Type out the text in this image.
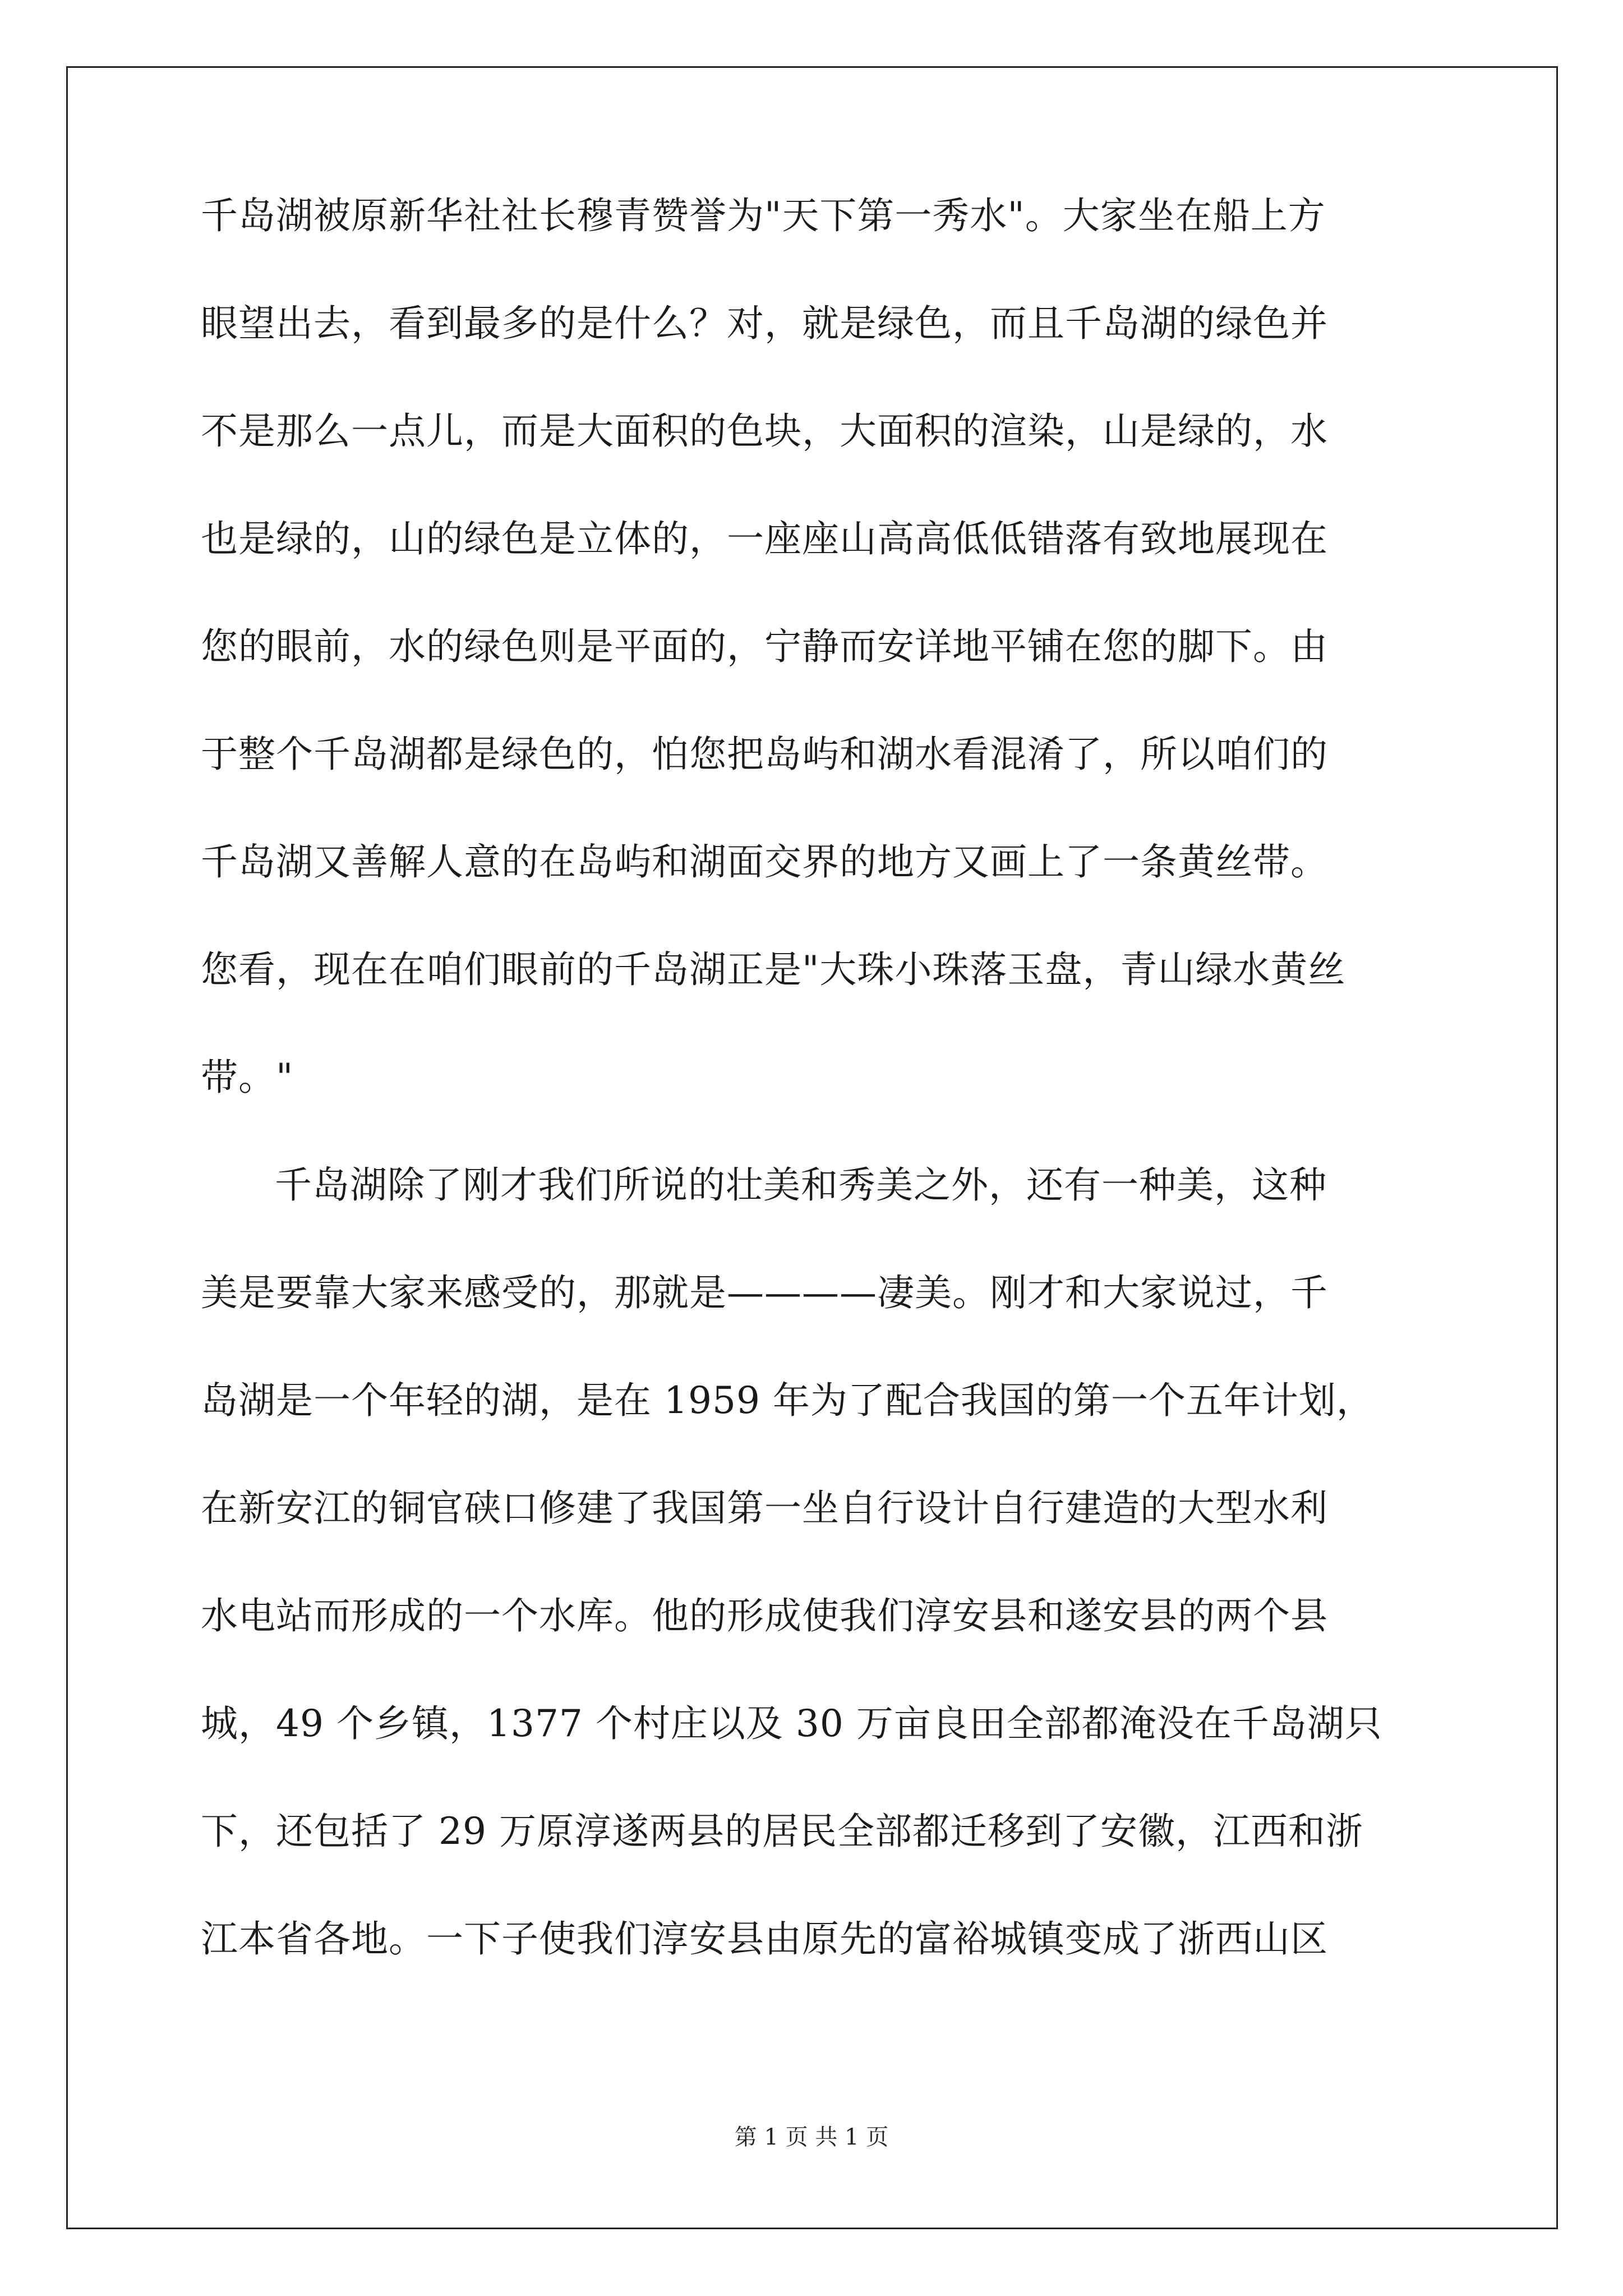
千岛湖被原新华社社长穆青赞誉为"天下第一秀水"。大家坐在船上方
眼望出去，看到最多的是什么？对，就是绿色，而且千岛湖的绿色并
不是那么一点儿，而是大面积的色块，大面积的渲染，山是绿的，水
也是绿的，山的绿色是立体的，一座座山高高低低错落有致地展现在
您的眼前，水的绿色则是平面的，宁静而安详地平铺在您的脚下。由
于整个千岛湖都是绿色的，怕您把岛屿和湖水看混淆了，所以咱们的
千岛湖又善解人意的在岛屿和湖面交界的地方又画上了一条黄丝带。
您看，现在在咱们眼前的千岛湖正是"大珠小珠落玉盘，青山绿水黄丝
带。"
千岛湖除了刚才我们所说的壮美和秀美之外，还有一种美，这种
美是要靠大家来感受的，那就是————凄美。刚才和大家说过，千
岛湖是一个年轻的湖，是在 1959 年为了配合我国的第一个五年计划，
在新安江的铜官硖口修建了我国第一坐自行设计自行建造的大型水利
水电站而形成的一个水库。他的形成使我们淳安县和遂安县的两个县
城，49 个乡镇，1377 个村庄以及 30 万亩良田全部都淹没在千岛湖只
下，还包括了 29 万原淳遂两县的居民全部都迁移到了安徽，江西和浙
江本省各地。一下子使我们淳安县由原先的富裕城镇变成了浙西山区
第 1 页 共 1 页
